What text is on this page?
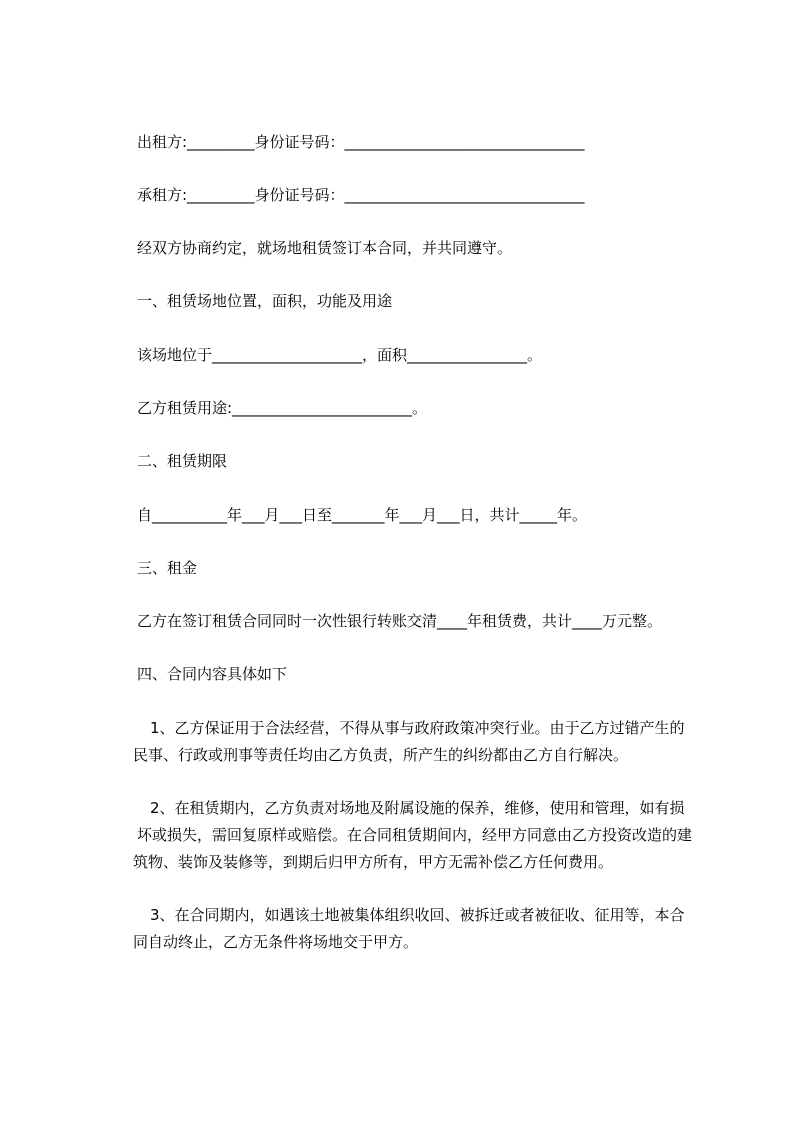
出租方:_________身份证号码：________________________________
承租方:_________身份证号码：________________________________
经双方协商约定，就场地租赁签订本合同，并共同遵守。
一、租赁场地位置，面积，功能及用途
该场地位于____________________，面积________________。
乙方租赁用途:________________________。
二、租赁期限
自__________年___月___日至_______年___月___日，共计_____年。
三、租金
乙方在签订租赁合同同时一次性银行转账交清____年租赁费，共计____万元整。
四、合同内容具体如下
1、乙方保证用于合法经营，不得从事与政府政策冲突行业。由于乙方过错产生的
民事、行政或刑事等责任均由乙方负责，所产生的纠纷都由乙方自行解决。
2、在租赁期内，乙方负责对场地及附属设施的保养，维修，使用和管理，如有损
坏或损失，需回复原样或赔偿。在合同租赁期间内，经甲方同意由乙方投资改造的建
筑物、装饰及装修等，到期后归甲方所有，甲方无需补偿乙方任何费用。
3、在合同期内，如遇该土地被集体组织收回、被拆迁或者被征收、征用等，本合
同自动终止，乙方无条件将场地交于甲方。
